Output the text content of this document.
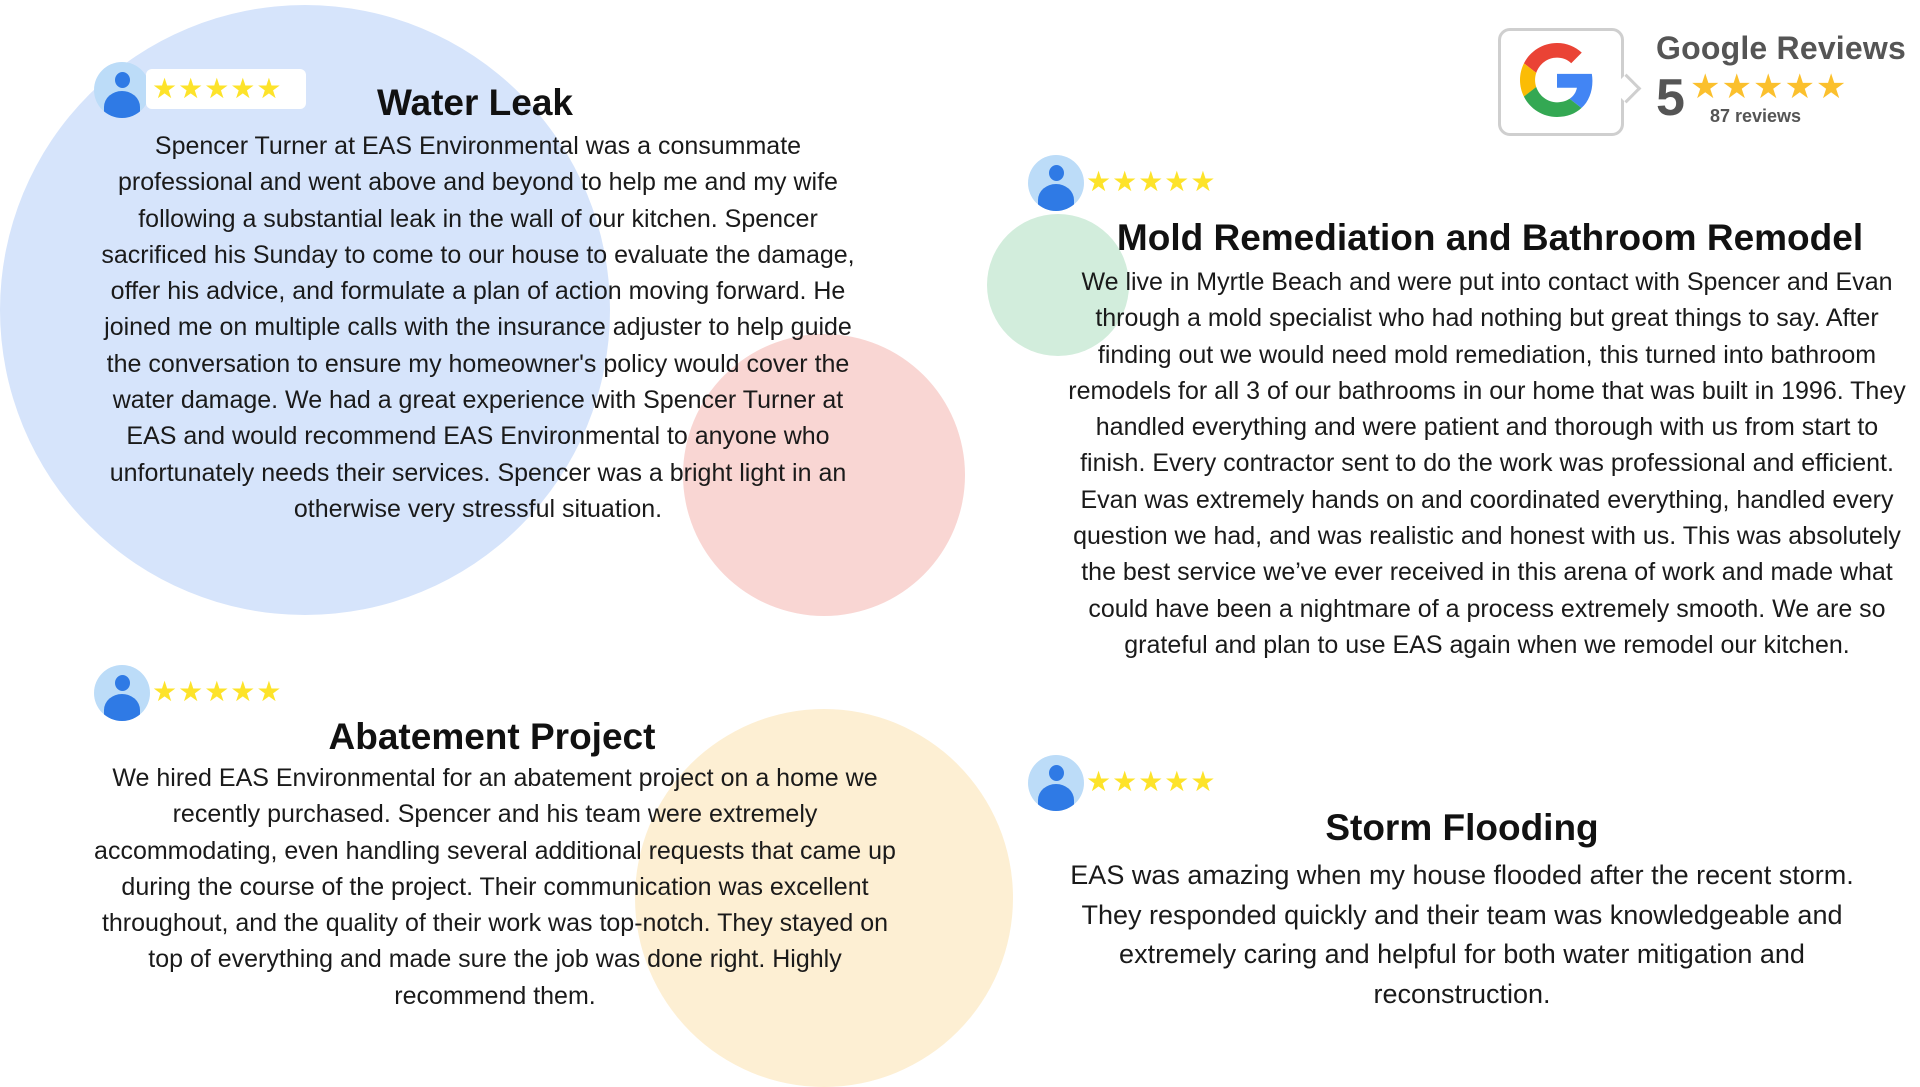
Google Reviews
5 ★★★★★
87 reviews
★★★★★	Water Leak

Spencer Turner at EAS Environmental was a consummate professional and went above and beyond to help me and my wife following a substantial leak in the wall of our kitchen. Spencer sacrificed his Sunday to come to our house to evaluate the damage, offer his advice, and formulate a plan of action moving forward. He joined me on multiple calls with the insurance adjuster to help guide the conversation to ensure my homeowner's policy would cover the water damage. We had a great experience with Spencer Turner at EAS and would recommend EAS Environmental to anyone who unfortunately needs their services. Spencer was a bright light in an otherwise very stressful situation.

★★★★★
Abatement Project

We hired EAS Environmental for an abatement project on a home we recently purchased. Spencer and his team were extremely accommodating, even handling several additional requests that came up during the course of the project. Their communication was excellent throughout, and the quality of their work was top-notch. They stayed on top of everything and made sure the job was done right. Highly recommend them.

★★★★★
Mold Remediation and Bathroom Remodel

We live in Myrtle Beach and were put into contact with Spencer and Evan through a mold specialist who had nothing but great things to say. After finding out we would need mold remediation, this turned into bathroom remodels for all 3 of our bathrooms in our home that was built in 1996. They handled everything and were patient and thorough with us from start to finish. Every contractor sent to do the work was professional and efficient. Evan was extremely hands on and coordinated everything, handled every question we had, and was realistic and honest with us. This was absolutely the best service we’ve ever received in this arena of work and made what could have been a nightmare of a process extremely smooth. We are so grateful and plan to use EAS again when we remodel our kitchen.

★★★★★
Storm Flooding

EAS was amazing when my house flooded after the recent storm. They responded quickly and their team was knowledgeable and extremely caring and helpful for both water mitigation and reconstruction.
